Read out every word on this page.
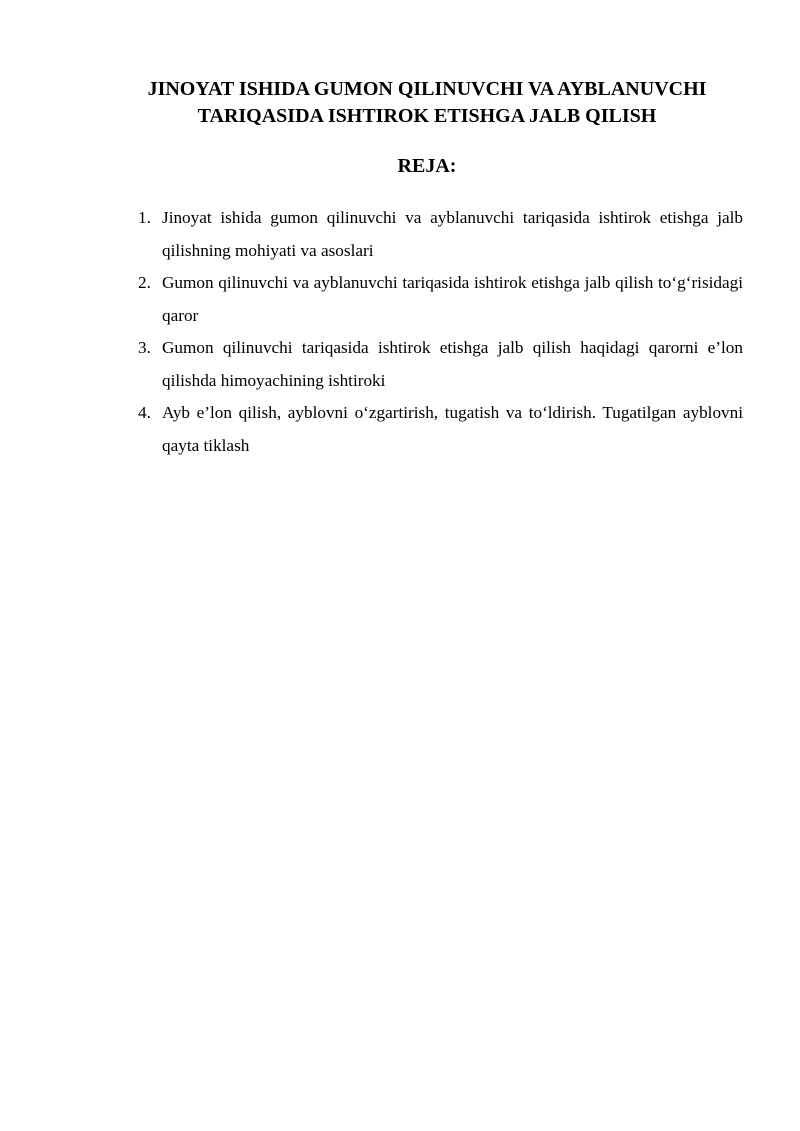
JINOYAT ISHIDA GUMON QILINUVCHI VA AYBLANUVCHI
TARIQASIDA ISHTIROK ETISHGA JALB QILISH
REJA:
1. Jinoyat ishida gumon qilinuvchi va ayblanuvchi tariqasida ishtirok etishga jalb qilishning mohiyati va asoslari
2. Gumon qilinuvchi va ayblanuvchi tariqasida ishtirok etishga jalb qilish to‘g‘risidagi qaror
3. Gumon qilinuvchi tariqasida ishtirok etishga jalb qilish haqidagi qarorni e’lon qilishda himoyachining ishtiroki
4. Ayb e’lon qilish, ayblovni o‘zgartirish, tugatish va to‘ldirish. Tugatilgan ayblovni qayta tiklash
